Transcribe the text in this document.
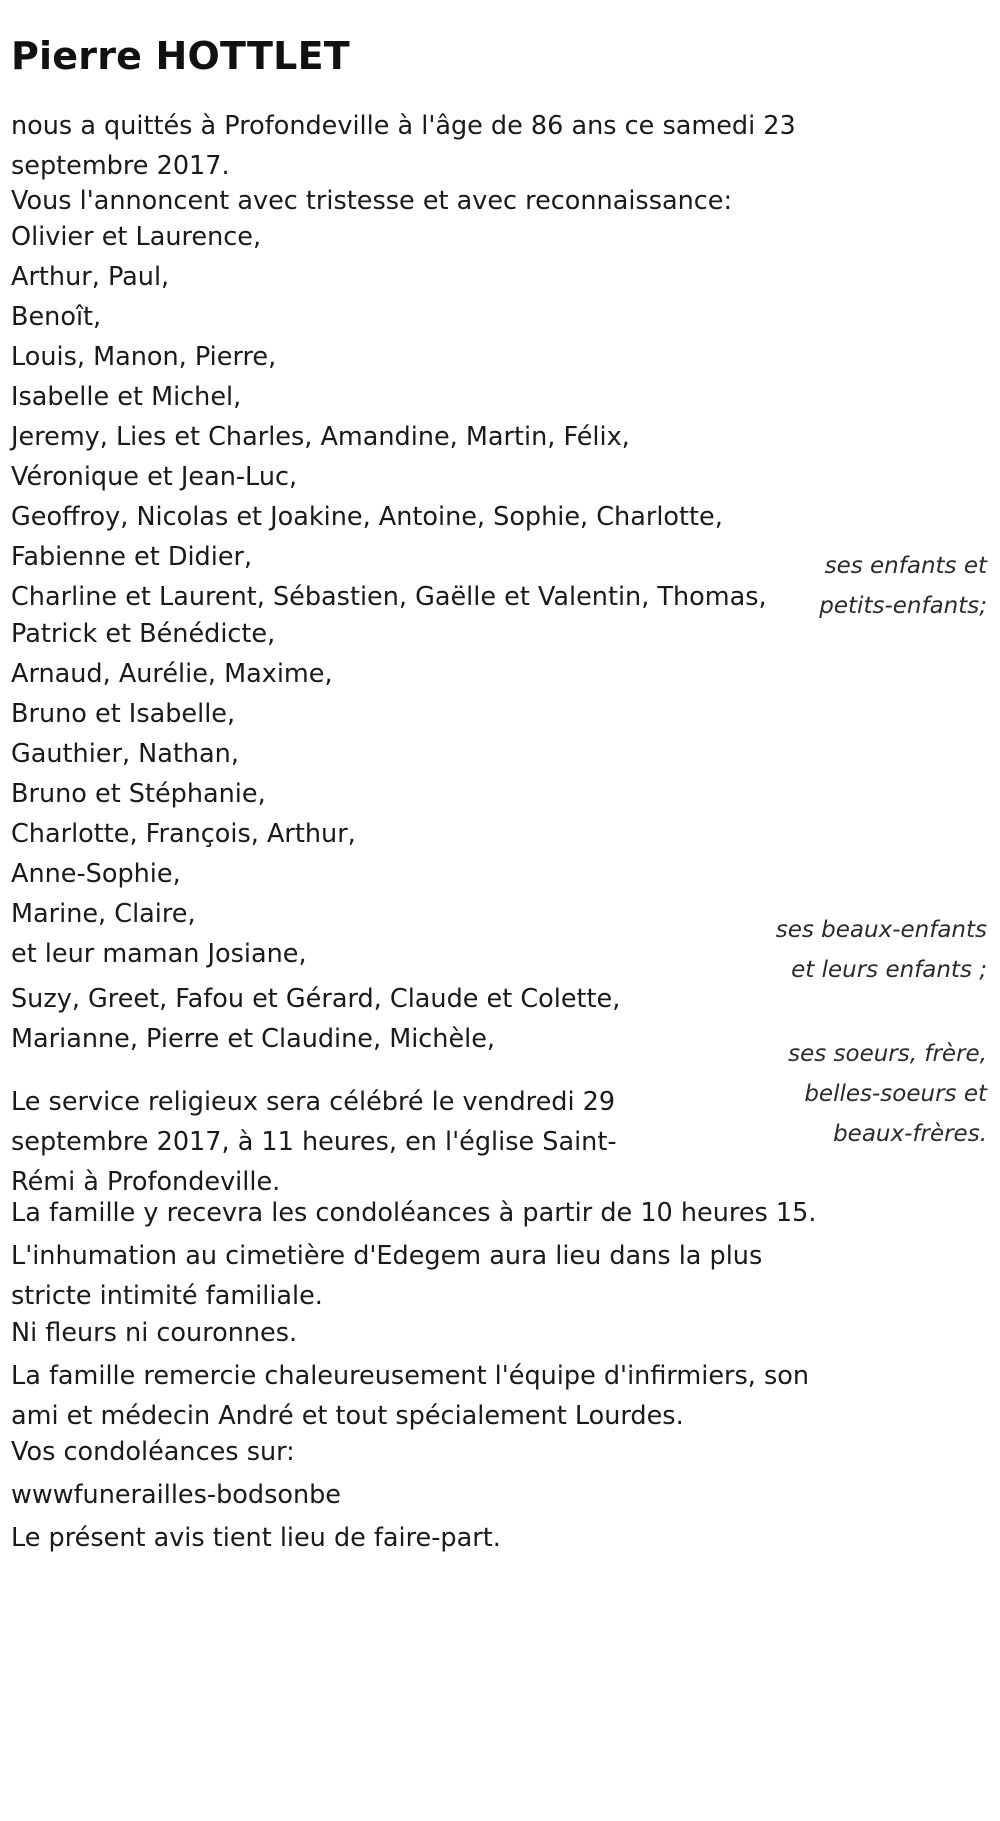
Pierre HOTTLET

nous a quittés à Profondeville à l'âge de 86 ans ce samedi 23 septembre 2017.

Vous l'annoncent avec tristesse et avec reconnaissance:

Olivier et Laurence,
Arthur, Paul,
Benoît,
Louis, Manon, Pierre,
Isabelle et Michel,
Jeremy, Lies et Charles, Amandine, Martin, Félix,
Véronique et Jean-Luc,
Geoffroy, Nicolas et Joakine, Antoine, Sophie, Charlotte,
Fabienne et Didier,
Charline et Laurent, Sébastien, Gaëlle et Valentin, Thomas,
ses enfants et
petits-enfants;
Patrick et Bénédicte,
Arnaud, Aurélie, Maxime,
Bruno et Isabelle,
Gauthier, Nathan,
Bruno et Stéphanie,
Charlotte, François, Arthur,
Anne-Sophie,
Marine, Claire,
et leur maman Josiane,
ses beaux-enfants
et leurs enfants ;
Suzy, Greet, Fafou et Gérard, Claude et Colette,
Marianne, Pierre et Claudine, Michèle,	ses soeurs, frère,
belles-soeurs et
beaux-frères.

Le service religieux sera célébré le vendredi 29 septembre 2017, à 11 heures, en l'église Saint-Rémi à Profondeville.

La famille y recevra les condoléances à partir de 10 heures 15.

L'inhumation au cimetière d'Edegem aura lieu dans la plus stricte intimité familiale.

Ni fleurs ni couronnes.

La famille remercie chaleureusement l'équipe d'infirmiers, son ami et médecin André et tout spécialement Lourdes.

Vos condoléances sur:

wwwfunerailles-bodsonbe

Le présent avis tient lieu de faire-part.
